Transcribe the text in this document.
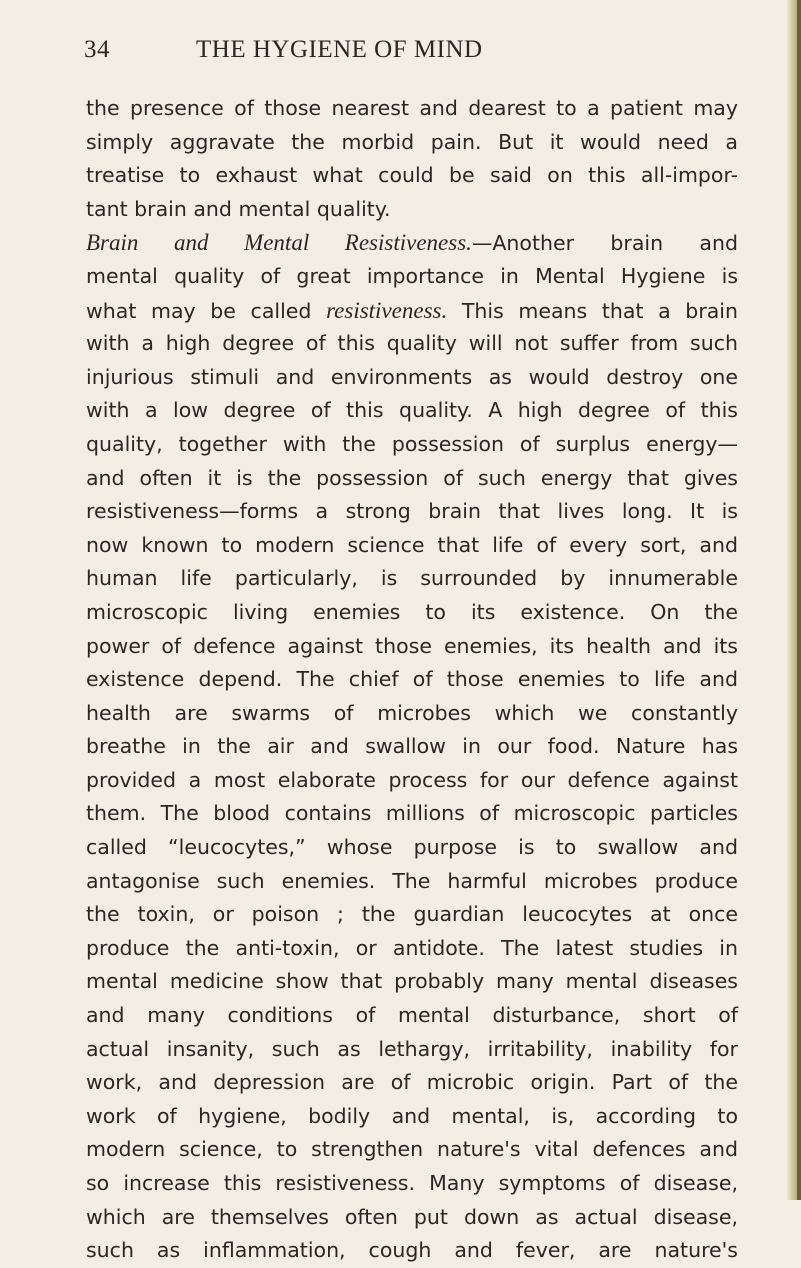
34	THE HYGIENE OF MIND
the presence of those nearest and dearest to a patient may
simply aggravate the morbid pain. But it would need a
treatise to exhaust what could be said on this all-impor-
tant brain and mental quality.
Brain and Mental Resistiveness.—Another brain and
mental quality of great importance in Mental Hygiene is
what may be called resistiveness. This means that a brain
with a high degree of this quality will not suffer from such
injurious stimuli and environments as would destroy one
with a low degree of this quality. A high degree of this
quality, together with the possession of surplus energy—
and often it is the possession of such energy that gives
resistiveness—forms a strong brain that lives long. It is
now known to modern science that life of every sort, and
human life particularly, is surrounded by innumerable
microscopic living enemies to its existence. On the
power of defence against those enemies, its health and its
existence depend. The chief of those enemies to life and
health are swarms of microbes which we constantly
breathe in the air and swallow in our food. Nature has
provided a most elaborate process for our defence against
them. The blood contains millions of microscopic particles
called “leucocytes,” whose purpose is to swallow and
antagonise such enemies. The harmful microbes produce
the toxin, or poison ; the guardian leucocytes at once
produce the anti-toxin, or antidote. The latest studies in
mental medicine show that probably many mental diseases
and many conditions of mental disturbance, short of
actual insanity, such as lethargy, irritability, inability for
work, and depression are of microbic origin. Part of the
work of hygiene, bodily and mental, is, according to
modern science, to strengthen nature's vital defences and
so increase this resistiveness. Many symptoms of disease,
which are themselves often put down as actual disease,
such as inflammation, cough and fever, are nature's
